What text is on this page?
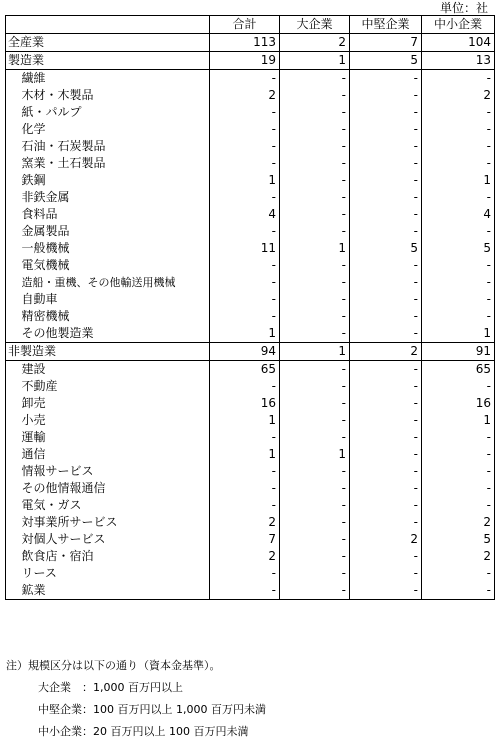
単位：社
		合計	大企業	中堅企業	中小企業
全産業		113	2	7	104
製造業		19	1	5	13
	繊維	-	-	-	-
	木材・木製品	2	-	-	2
	紙・パルプ	-	-	-	-
	化学	-	-	-	-
	石油・石炭製品	-	-	-	-
	窯業・土石製品	-	-	-	-
	鉄鋼	1	-	-	1
	非鉄金属	-	-	-	-
	食料品	4	-	-	4
	金属製品	-	-	-	-
	一般機械	11	1	5	5
	電気機械	-	-	-	-
	造船・重機、その他輸送用機械	-	-	-	-
	自動車	-	-	-	-
	精密機械	-	-	-	-
	その他製造業	1	-	-	1
非製造業		94	1	2	91
	建設	65	-	-	65
	不動産	-	-	-	-
	卸売	16	-	-	16
	小売	1	-	-	1
	運輸	-	-	-	-
	通信	1	1	-	-
	情報サービス	-	-	-	-
	その他情報通信	-	-	-	-
	電気・ガス	-	-	-	-
	対事業所サービス	2	-	-	2
	対個人サービス	7	-	2	5
	飲食店・宿泊	2	-	-	2
	リース	-	-	-	-
	鉱業	-	-	-	-

注）規模区分は以下の通り（資本金基準）。

大企業　：1,000 百万円以上

中堅企業：100 百万円以上 1,000 百万円未満

中小企業：20 百万円以上 100 百万円未満
